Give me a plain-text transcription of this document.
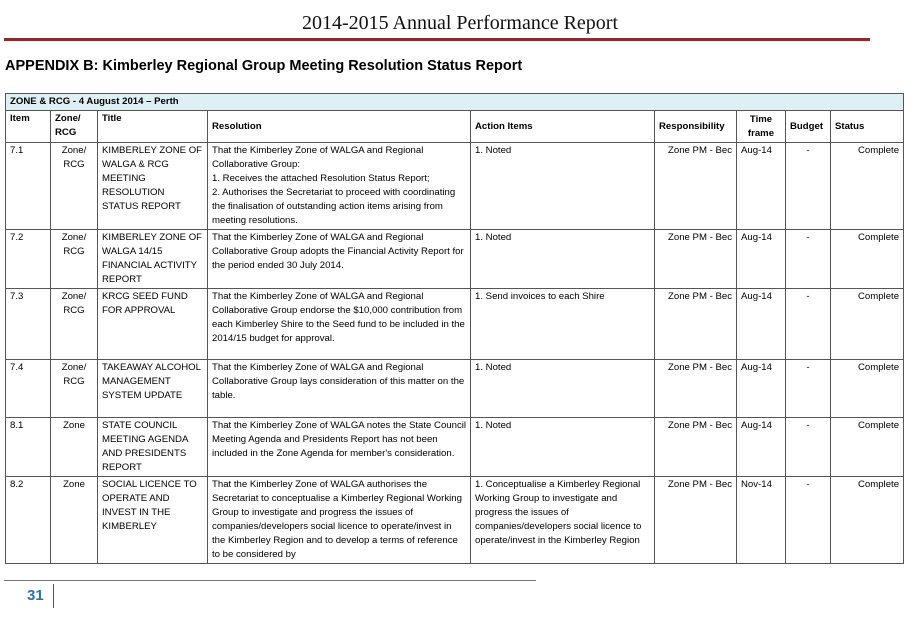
2014-2015 Annual Performance Report
APPENDIX B: Kimberley Regional Group Meeting Resolution Status Report
ZONE & RCG - 4 August 2014 – Perth								
Item	Zone/ RCG	Title	Resolution	Action Items	Responsibility	Time frame	Budget	Status
7.1	Zone/ RCG	KIMBERLEY ZONE OF WALGA & RCG MEETING RESOLUTION STATUS REPORT	That the Kimberley Zone of WALGA and Regional Collaborative Group:
1. Receives the attached Resolution Status Report;
2. Authorises the Secretariat to proceed with coordinating the finalisation of outstanding action items arising from meeting resolutions.	1. Noted	Zone PM - Bec	Aug-14	-	Complete
7.2	Zone/ RCG	KIMBERLEY ZONE OF WALGA 14/15 FINANCIAL ACTIVITY REPORT	That the Kimberley Zone of WALGA and Regional Collaborative Group adopts the Financial Activity Report for the period ended 30 July 2014.	1. Noted	Zone PM - Bec	Aug-14	-	Complete
7.3	Zone/ RCG	KRCG SEED FUND FOR APPROVAL	That the Kimberley Zone of WALGA and Regional Collaborative Group endorse the $10,000 contribution from each Kimberley Shire to the Seed fund to be included in the 2014/15 budget for approval.	1. Send invoices to each Shire	Zone PM - Bec	Aug-14	-	Complete
7.4	Zone/ RCG	TAKEAWAY ALCOHOL MANAGEMENT SYSTEM UPDATE	That the Kimberley Zone of WALGA and Regional Collaborative Group lays consideration of this matter on the table.	1. Noted	Zone PM - Bec	Aug-14	-	Complete
8.1	Zone	STATE COUNCIL MEETING AGENDA AND PRESIDENTS REPORT	That the Kimberley Zone of WALGA notes the State Council Meeting Agenda and Presidents Report has not been included in the Zone Agenda for member's consideration.	1. Noted	Zone PM - Bec	Aug-14	-	Complete
8.2	Zone	SOCIAL LICENCE TO OPERATE AND INVEST IN THE KIMBERLEY	That the Kimberley Zone of WALGA authorises the Secretariat to conceptualise a Kimberley Regional Working Group to investigate and progress the issues of companies/developers social licence to operate/invest in the Kimberley Region and to develop a terms of reference to be considered by	1. Conceptualise a Kimberley Regional Working Group to investigate and progress the issues of companies/developers social licence to operate/invest in the Kimberley Region	Zone PM - Bec	Nov-14	-	Complete
31
